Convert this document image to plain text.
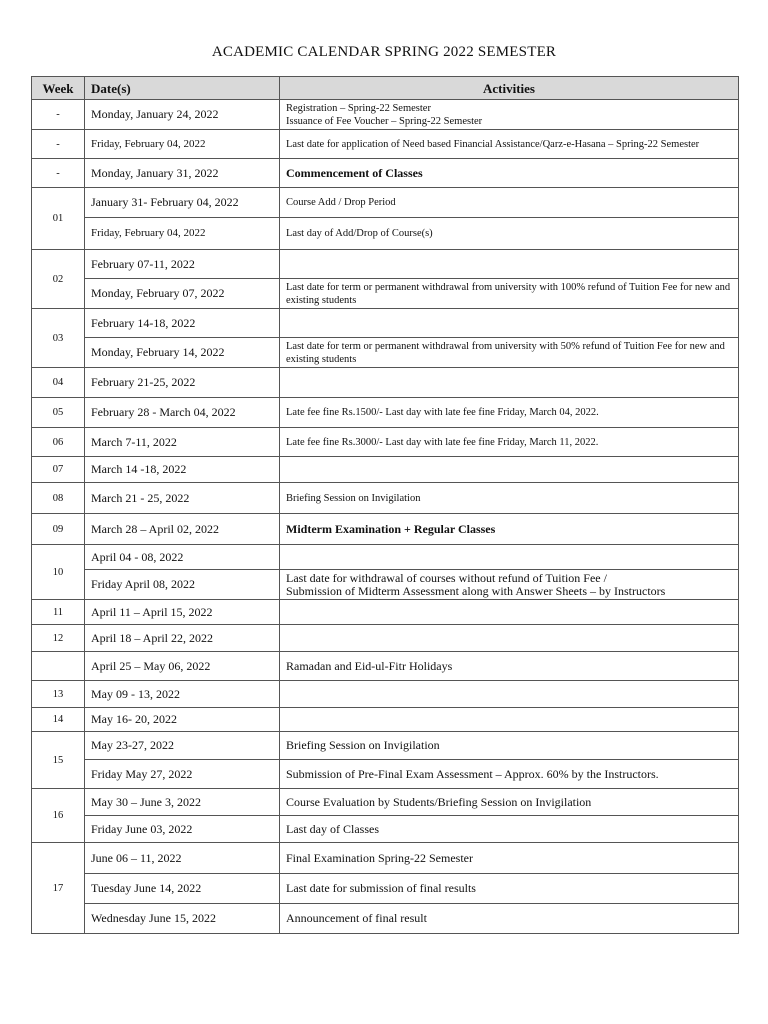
ACADEMIC CALENDAR SPRING 2022 SEMESTER
Week	Date(s)	Activities
-	Monday, January 24, 2022	Registration – Spring-22 Semester
Issuance of Fee Voucher – Spring-22 Semester

-	Friday, February 04, 2022	Last date for application of Need based Financial Assistance/Qarz-e-Hasana – Spring-22 Semester
-	Monday, January 31, 2022	Commencement of Classes
01	January 31- February 04, 2022	Course Add / Drop Period
	Friday, February 04, 2022	Last day of Add/Drop of Course(s)
02	February 07-11, 2022	
	Monday, February 07, 2022	Last date for term or permanent withdrawal from university with 100% refund of Tuition Fee for new and existing students
03	February 14-18, 2022	
	Monday, February 14, 2022	Last date for term or permanent withdrawal from university with 50% refund of Tuition Fee for new and existing students
04	February 21-25, 2022	
05	February 28 - March 04, 2022	Late fee fine Rs.1500/- Last day with late fee fine Friday, March 04, 2022.
06	March 7-11, 2022	Late fee fine Rs.3000/- Last day with late fee fine Friday, March 11, 2022.
07	March 14 -18, 2022	
08	March 21 - 25, 2022	Briefing Session on Invigilation
09	March 28 – April 02, 2022	Midterm Examination + Regular Classes
10	April 04 - 08, 2022	
	Friday April 08, 2022	Last date for withdrawal of courses without refund of Tuition Fee /
Submission of Midterm Assessment along with Answer Sheets – by Instructors

11	April 11 – April 15, 2022	
12	April 18 – April 22, 2022	
	April 25 – May 06, 2022	Ramadan and Eid-ul-Fitr Holidays
13	May 09 - 13, 2022	
14	May 16- 20, 2022	
15	May 23-27, 2022	Briefing Session on Invigilation
	Friday May 27, 2022	Submission of Pre-Final Exam Assessment – Approx. 60% by the Instructors.
16	May 30 – June 3, 2022	Course Evaluation by Students/Briefing Session on Invigilation
	Friday June 03, 2022	Last day of Classes
17	June 06 – 11, 2022	Final Examination Spring-22 Semester
	Tuesday June 14, 2022	Last date for submission of final results
	Wednesday June 15, 2022	Announcement of final result
